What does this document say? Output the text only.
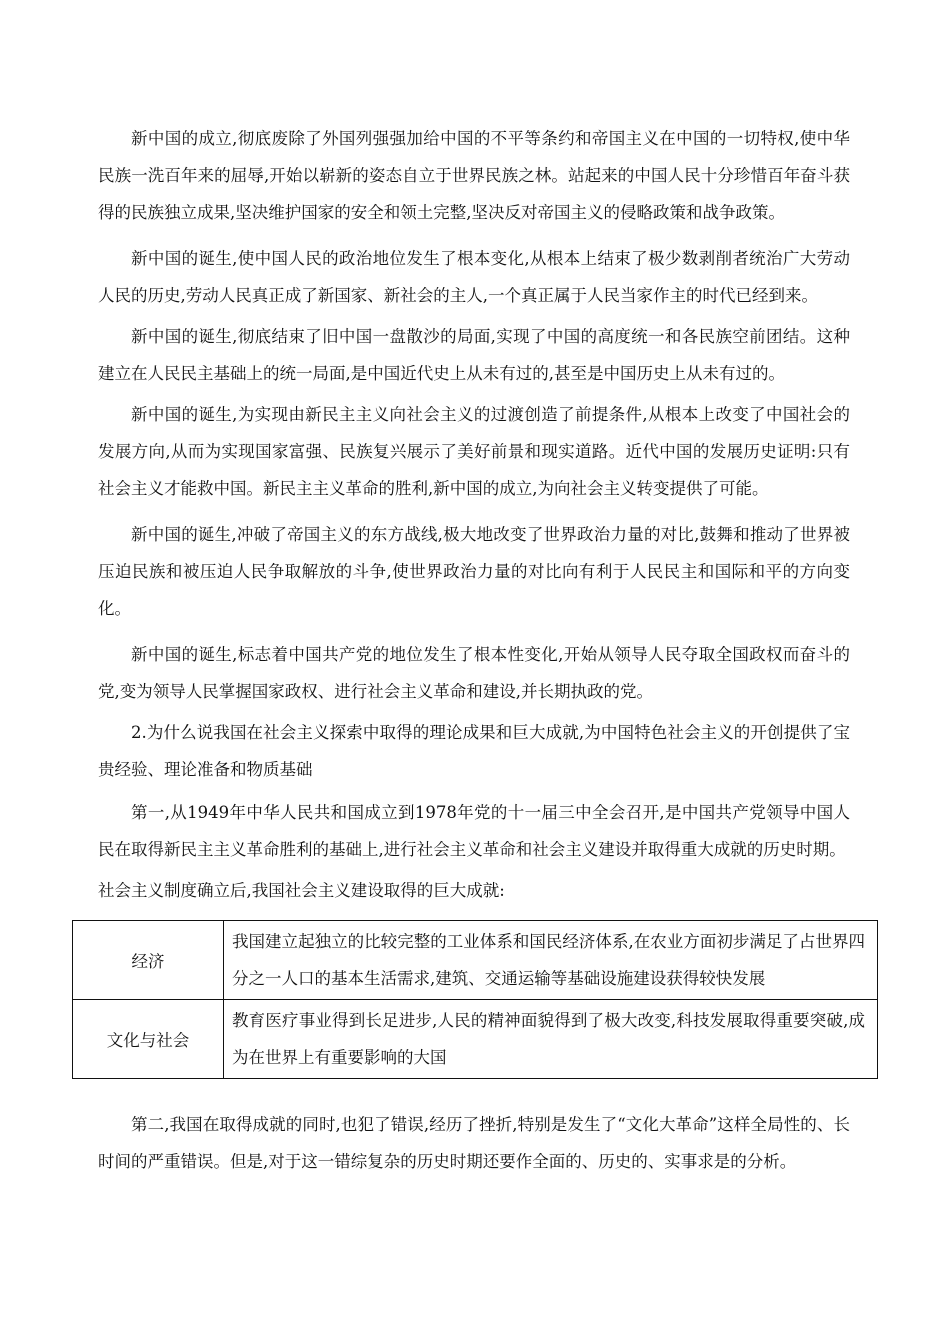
新中国的成立,彻底废除了外国列强强加给中国的不平等条约和帝国主义在中国的一切特权,使中华民族一洗百年来的屈辱,开始以崭新的姿态自立于世界民族之林。站起来的中国人民十分珍惜百年奋斗获得的民族独立成果,坚决维护国家的安全和领土完整,坚决反对帝国主义的侵略政策和战争政策。

新中国的诞生,使中国人民的政治地位发生了根本变化,从根本上结束了极少数剥削者统治广大劳动人民的历史,劳动人民真正成了新国家、新社会的主人,一个真正属于人民当家作主的时代已经到来。

新中国的诞生,彻底结束了旧中国一盘散沙的局面,实现了中国的高度统一和各民族空前团结。这种建立在人民民主基础上的统一局面,是中国近代史上从未有过的,甚至是中国历史上从未有过的。

新中国的诞生,为实现由新民主主义向社会主义的过渡创造了前提条件,从根本上改变了中国社会的发展方向,从而为实现国家富强、民族复兴展示了美好前景和现实道路。近代中国的发展历史证明:只有社会主义才能救中国。新民主主义革命的胜利,新中国的成立,为向社会主义转变提供了可能。

新中国的诞生,冲破了帝国主义的东方战线,极大地改变了世界政治力量的对比,鼓舞和推动了世界被压迫民族和被压迫人民争取解放的斗争,使世界政治力量的对比向有利于人民民主和国际和平的方向变化。

新中国的诞生,标志着中国共产党的地位发生了根本性变化,开始从领导人民夺取全国政权而奋斗的党,变为领导人民掌握国家政权、进行社会主义革命和建设,并长期执政的党。

2.为什么说我国在社会主义探索中取得的理论成果和巨大成就,为中国特色社会主义的开创提供了宝贵经验、理论准备和物质基础

第一,从1949年中华人民共和国成立到1978年党的十一届三中全会召开,是中国共产党领导中国人民在取得新民主主义革命胜利的基础上,进行社会主义革命和社会主义建设并取得重大成就的历史时期。

社会主义制度确立后,我国社会主义建设取得的巨大成就:

经济	我国建立起独立的比较完整的工业体系和国民经济体系,在农业方面初步满足了占世界四分之一人口的基本生活需求,建筑、交通运输等基础设施建设获得较快发展
文化与社会	教育医疗事业得到长足进步,人民的精神面貌得到了极大改变,科技发展取得重要突破,成为在世界上有重要影响的大国

第二,我国在取得成就的同时,也犯了错误,经历了挫折,特别是发生了“文化大革命”这样全局性的、长时间的严重错误。但是,对于这一错综复杂的历史时期还要作全面的、历史的、实事求是的分析。
